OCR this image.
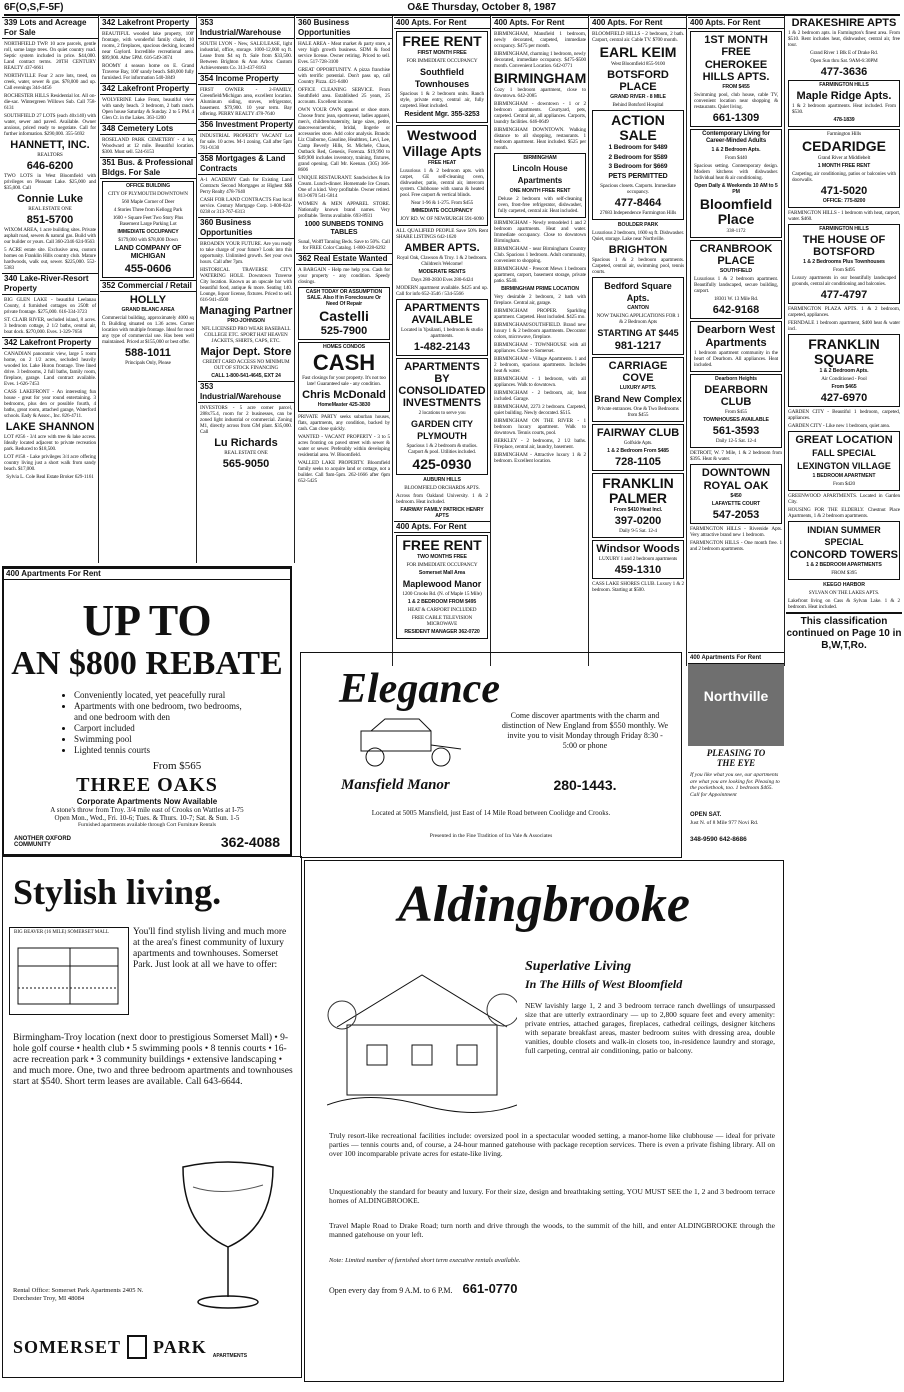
6F(O,S,F-5F)	O&E Thursday, October 8, 1987
339 Lots and Acreage For Sale
NORTHFIELD TWP. 10 acre parcels, gentle roll, some large trees. On quiet country road. Septic system included in price. $44,000. Land contract terms. 20TH CENTURY REALTY 437-6661
NORTHVILLE Four 2 acre lots, treed, on creek, water, sewer & gas. $78,000 and up. Call evenings 344-4456
ROCHESTER HILLS Residential lot. All on-die-sac. Wintergreen Willows Sub. Call 758-6131
SOUTHFIELD 27 LOTS (each 40x140) with water, sewer and paved. Available. Owner anxious, priced ready to negotiate. Call for further information. $290,000. 355-5692
HANNETT, INC.
REALTORS
646-6200
TWO LOTS in West Bloomfield with privileges on Pleasant Lake. $25,000 and $35,000. Call
Connie Luke
REAL ESTATE ONE
851-5700
WIXOM AREA, 1 acre building sites. Private asphalt road, sewers & natural gas. Build with our builder or yours. Call 360-2346 624-9563
5 ACRE estate site. Exclusive area, custom homes on Franklin Hills country club. Mature hardwoods, walk out, sewer. $225,000. 552-5383
340 Lake-River-Resort Property
BIG GLEN LAKE - beautiful Leelanau County, 4 furnished cottages on 250ft of private frontage. $275,000. 616-334-3723
ST. CLAIR RIVER, secluded island, 8 acres. 3 bedroom cottage, 2 1/2 baths, central air, boat dock. $270,000. Eves. 1-329-7656
342 Lakefront Property
CANADIAN panoramic view, large 5 room home, on 2 1/2 acres, secluded heavily wooded lot. Lake Huron frontage. Tree lined drive. 3 bedrooms, 2 full baths, family room, fireplace, garage. Land contract available. Eves. 1-626-7453
CASS LAKEFRONT - An interesting fun house - great for year round entertaining. 3 bedrooms, plus den or possible fourth, 4 baths, great room, attached garage, Waterford schools. Eady & Assoc., Inc. 826-4711.
LAKE SHANNON
LOT #256 - 3/4 acre with tree & lake access. Ideally located adjacent to private recreation park. Reduced to $18,500.
LOT #158 - Lake privileges 3/4 acre offering country living just a short walk from sandy beach. $17,000.
Sylvia L. Cole Real Estate Broker 629-1161
342 Lakefront Property
BEAUTIFUL wooded lake property, 100' frontage, with wonderful family chalet, 10 rooms, 2 fireplaces, spacious decking, located near Gaylord. Incredible recreational area. $99,900. After 5PM. 616-549-3674
ROOMY 4 season home on E. Grand Traverse Bay, 100' sandy beach. $48,000 fully furnished. For information 540-3849
342 Lakefront Property
WOLVERINE Lake Front, beautiful view with sandy beach. 3 bedroom, 2 bath ranch. Open house Saturday & Sunday. 2 to 5 PM. 4 Glen Ct. in the Lakes. 363-1200
348 Cemetery Lots
ROSELAND PARK CEMETERY - 4 lot, Woodward at 12 mile. Beautiful location. $300. Must sell. 524-6153
351 Bus. & Professional Bldgs. For Sale
OFFICE BUILDING
CITY OF PLYMOUTH DOWNTOWN
560 Maple Corner of Deer
4 Stories Three from Kellogg Park
1600 + Square Feet Two Story Plus Basement Large Parking Lot
IMMEDIATE OCCUPANCY
$179,000 with $78,000 Down
LAND COMPANY OF MICHIGAN
455-0606
352 Commercial / Retail
HOLLY
GRAND BLANC AREA
Commercial building, approximately 4000 sq ft. Building situated on 1.36 acres. Corner location with multiple frontage. Ideal for most any type of commercial use. Has been well maintained. Priced at $155,000 or best offer.
588-1011
Principals Only, Please
353 Industrial/Warehouse
SOUTH LYON - New, SALE/LEASE, light industrial, office, storage. 1000-12,000 sq ft. Lease from $4 sq ft. Sale from $33,500. Between Brighton & Ann Arbor. Custom Achievements Co. 313-437-8163
354 Income Property
FIRST OWNER - 2-FAMILY, Greenfield/Michigan area, excellent location. Aluminum siding, stoves, refrigerator, basement. $79,900. 10 year term. Bay offering. PERRY REALTY 478-7640
356 Investment Property
INDUSTRIAL PROPERTY VACANT Lot for sale. 10 acres. M-1 zoning. Call after 5pm 761-0130
358 Mortgages & Land Contracts
A-1 ACADEMY Cash for Existing Land Contracts Second Mortgages at Highest $$$ Perry Realty 478-7640
CASH FOR LAND CONTRACTS Fast local service. Century Mortgage Corp. 1-800-824-0238 or 313-767-6313
360 Business Opportunities
BROADEN YOUR FUTURE. Are you ready to take charge of your future? Look into this opportunity. Unlimited growth. Set your own hours. Call after 7pm.
HISTORICAL TRAVERSE CITY WATERING HOLE. Downtown Traverse City location. Known as an upscale bar with beautiful food, antique & more. Seating 140. Lounge, liquor license, fixtures. Priced to sell. 616-941-4500
Managing Partner
PRO-JOHNSON
NFL LICENSED PRO WEAR BASEBALL COLLEGE ETC. SPORT HAT HEAVEN JACKETS, SHIRTS, CAPS, ETC.
Major Dept. Store
CREDIT CARD ACCESS NO MINIMUM OUT OF STOCK FINANCING
CALL 1-800-541-4645, EXT 24
353 Industrial/Warehouse
INVESTORS - 5 acre corner parcel, 288x75.4, room for 2 businesses, can be zoned light industrial or commercial. Zoning M1, directly across from GM plant. $35,000. Call
Lu Richards
REAL ESTATE ONE
565-9050
360 Business Opportunities
HALE AREA - Meat market & party store, a very high growth business. SDM & food service license. Owner retiring. Priced to sell. Eves. 517-728-3100
GREAT OPPORTUNITY. A pizza franchise with terrific potential. Don't pass up, call Country Pizza. 421-6400
OFFICE CLEANING SERVICE. From Southfield area. Established 25 years, 25 accounts. Excellent income.
OWN YOUR OWN apparel or shoe store. Choose from: jean, sportswear, ladies apparel, men's, children/maternity, large sizes, petite, dancewear/aerobic, bridal, lingerie or accessories store. Add color analysis. Brands: Liz Claiborne, Gasoline, Healthtex, Levi, Lee, Camp Beverly Hills, St. Michele, Chaus, Outback Red, Genesis, Forenza. $19,990 to $49,900 includes inventory, training, fixtures, grand opening. Call Mr. Keenan. (305) 366-8606
UNIQUE RESTAURANT. Sandwiches & Ice Cream. Lunch-dinner. Homemade Ice Cream. One of a kind. Very profitable. Owner retired. 813-0670 541-5814
WOMEN & MEN APPAREL STORE. Nationally known brand names. Very profitable. Terms available. 693-8931
1000 SUNBEDS TONING TABLES
Sunal, Wolff Tanning Beds. Save to 50%. Call for FREE Color Catalog. 1-800-228-6292
362 Real Estate Wanted
A BARGAIN - Help me help you. Cash for your property - any condition. Speedy closings.
CASH TODAY OR ASSUMPTION SALE. Also If in Foreclosure Or Need Of Repair
Castelli
525-7900
HOMES CONDOS
CASH
Fast closings for your property. It's not too late! Guaranteed sale - any condition.
Chris McDonald
HomeMaster 425-3830
PRIVATE PARTY seeks suburban houses, flats, apartments, any condition, backed by cash. Can close quickly.
WANTED - VACANT PROPERTY - 3 to 5 acres fronting on paved street with sewer & water or sewer. Preferably within developing residential area. W. Bloomfield.
WALLED LAKE PROPERTY. Bloomfield family seeks to acquire land or cottage, not a builder. Call 9am-5pm. 262-1666 after 6pm 652-5425
400 Apts. For Rent
FREE RENT
FIRST MONTH FREE
FOR IMMEDIATE OCCUPANCY
Southfield Townhouses
Spacious 1 & 2 bedroom units. Ranch style, private entry, central air, fully carpeted. Heat included.
Resident Mgr. 355-3253
Westwood
Village Apts
FREE HEAT
Luxurious 1 & 2 bedroom apts. with carpet, GE self-cleaning oven, dishwasher, patio, central air, intercom system. Clubhouse with sauna & heated pool. Free carport & vertical blinds.
Near 1-96 & 1-275. From $455
IMMEDIATE OCCUPANCY
JOY RD. W. OF NEWBURGH 591-6090
ALL QUALIFIED PEOPLE Save 50% Rent SHARE LISTINGS 642-1620
AMBER APTS.
Royal Oak, Clawson & Troy. 1 & 2 bedroom. Children's Welcome!
MODERATE RENTS
Days 280-2830 Eves 280-6424
MODERN apartment available. $425 and up. Call for info 652-3546 / 534-5566
APARTMENTS AVAILABLE
Located in Ypsilanti, 1 bedroom & studio apartments.
1-482-2143
APARTMENTS BY CONSOLIDATED INVESTMENTS
2 locations to serve you
GARDEN CITY PLYMOUTH
Spacious 1 & 2 bedroom & studios. Carport & pool. Utilities included.
425-0930
AUBURN HILLS
BLOOMFIELD ORCHARDS APTS.
Across from Oakland University. 1 & 2 bedroom. Heat included.
FAIRWAY FAMILY PATRICK HENRY APTS
400 Apts. For Rent
FREE RENT
TWO MONTHS FREE
FOR IMMEDIATE OCCUPANCY
Somerset Mall Area
Maplewood Manor
1200 Crooks Rd. (N. of Maple 15 Mile)
1 & 2 BEDROOM FROM $495
HEAT & CARPORT INCLUDED
FREE CABLE TELEVISION MICROWAVE
RESIDENT MANAGER 362-0720
400 Apts. For Rent
BIRMINGHAM, Mansfield 1 bedroom, newly decorated, carpeted, immediate occupancy. $475 per month.
BIRMINGHAM, charming 1 bedroom, newly decorated, immediate occupancy. $475-$500 month. Convenient Location. 642-0771
BIRMINGHAM
Cozy 1 bedroom apartment, close to downtown. 642-2085
BIRMINGHAM - downtown - 1 or 2 bedroom apartments. Courtyard, pets, carpeted. Central air, all appliances. Carports, laundry facilities. 646-0649
BIRMINGHAM DOWNTOWN. Walking distance to all shopping, restaurants. 1 bedroom apartment. Heat included. $525 per month.
BIRMINGHAM
Lincoln House Apartments
ONE MONTH FREE RENT
Deluxe 2 bedroom with self-cleaning oven, frost-free refrigerator, dishwasher, fully carpeted, central air. Heat included.
BIRMINGHAM - Newly remodeled 1 and 2 bedroom apartments. Heat and water. Immediate occupancy. Close to downtown Birmingham.
BIRMINGHAM - near Birmingham Country Club. Spacious 1 bedroom. Adult community, convenient to shopping.
BIRMINGHAM - Prescott Mews 1 bedroom apartment, carport, basement storage, private patio. $540.
BIRMINGHAM PRIME LOCATION
Very desirable 2 bedroom, 2 bath with fireplace. Central air, garage.
BIRMINGHAM PROPER. Sparkling apartment. Carpeted. Heat included. $425 mo.
BIRMINGHAM/SOUTHFIELD. Brand new luxury 1 & 2 bedroom apartments. Decorator colors, microwave, fireplace.
BIRMINGHAM - TOWNHOUSE with all appliances. Close to Somerset.
BIRMINGHAM - Village Apartments. 1 and 2 bedroom, spacious apartments. Includes heat & water.
BIRMINGHAM - 1 bedroom, with all appliances. Walk to downtown.
BIRMINGHAM - 2 bedroom, air, heat included. Garage.
BIRMINGHAM, 2273 2 bedroom. Carpeted, quiet building. Newly decorated. $515.
BIRMINGHAM ON THE RIVER - 1 bedroom luxury apartment. Walk to downtown. Tennis courts, pool.
BERKLEY - 2 bedrooms, 2 1/2 baths. Fireplace, central air, laundry, basement.
BIRMINGHAM - Attractive luxury 1 & 2 bedroom. Excellent location.
400 Apts. For Rent
BLOOMFIELD HILLS - 2 bedroom, 2 bath. Carport, central air. Cable TV. $700 month.
EARL KEIM
West Bloomfield 855-9100
BOTSFORD PLACE
GRAND RIVER - 8 MILE
Behind Botsford Hospital
ACTION SALE
1 Bedroom for $489
2 Bedroom for $589
3 Bedroom for $669
PETS PERMITTED
Spacious closets. Carports. Immediate occupancy.
477-8464
27683 Independence Farmington Hills
BOULDER PARK
Luxurious 2 bedroom, 1600 sq ft. Dishwasher. Quiet, storage. Lake near Northville.
BRIGHTON
Spacious 1 & 2 bedroom apartments. Carpeted, central air, swimming pool, tennis courts.
Bedford Square Apts.
CANTON
NOW TAKING APPLICATIONS FOR 1 & 2 Bedroom Apts
STARTING AT $445
981-1217
CARRIAGE COVE
LUXURY APTS.
Brand New Complex
Private entrances. One & Two Bedrooms from $455
FAIRWAY CLUB
Golfside Apts.
1 & 2 Bedroom From $485
728-1105
FRANKLIN PALMER
From $410 Heat Incl.
397-0200
Daily 9-5 Sat. 12-4
Windsor Woods
LUXURY 1 and 2 bedroom apartments
459-1310
CASS LAKE SHORES CLUB. Luxury 1 & 2 bedroom. Starting at $500.
400 Apts. For Rent
1ST MONTH FREE
CHEROKEE HILLS APTS.
FROM $455
Swimming pool, club house, cable TV, convenient location near shopping & restaurants. Quiet living.
661-1309
Contemporary Living for Career-Minded Adults
1 & 2 Bedroom Apts.
From $440
Spacious setting. Contemporary design. Modern kitchens with dishwasher. Individual heat & air conditioning.
Open Daily & Weekends 10 AM to 5 PM
Bloomfield Place
338-1172
CRANBROOK PLACE
SOUTHFIELD
Luxurious 1 & 2 bedroom apartment. Beautifully landscaped, secure building, carport.
18301 W. 13 Mile Rd.
642-9168
Dearborn West
Apartments
1 bedroom apartment community in the heart of Dearborn. All appliances. Heat included.
Dearborn Heights
DEARBORN CLUB
From $455
TOWNHOUSES AVAILABLE
561-3593
Daily 12-5 Sat. 12-4
DETROIT, W. 7 Mile, 1 & 2 bedroom from $395. Heat & water.
DOWNTOWN
ROYAL OAK
$450
LAFAYETTE COURT
547-2053
FARMINGTON HILLS - Riverside Apts. Very attractive brand new 1 bedroom.
FARMINGTON HILLS - One month free. 1 and 2 bedroom apartments.
DRAKESHIRE APTS
1 & 2 bedroom apts. in Farmington's finest area. From $510. Rent includes heat, dishwasher, central air, free tour.
Grand River 1 Blk E of Drake Rd.
Open Sun thru Sat. 9AM-6:30PM
477-3636
FARMINGTON HILLS
Maple Ridge Apts.
1 & 2 bedroom apartments. Heat included. From $530.
478-1839
Farmington Hills
CEDARIDGE
Grand River at Middlebelt
1 MONTH FREE RENT
Carpeting, air conditioning, patios or balconies with doorwalls.
471-5020
OFFICE: 775-8200
FARMINGTON HILLS - 1 bedroom with heat, carport, water. $460.
FARMINGTON HILLS
THE HOUSE OF BOTSFORD
1 & 2 Bedrooms Plus Townhouses
From $495
Luxury apartments in our beautifully landscaped grounds, central air conditioning and balconies.
477-4797
FARMINGTON PLAZA APTS. 1 & 2 bedroom, carpeted, appliances.
FERNDALE 1 bedroom apartment, $400 heat & water incl.
FRANKLIN SQUARE
1 & 2 Bedroom Apts.
Air Conditioned - Pool
From $465
427-6970
GARDEN CITY - Beautiful 1 bedroom, carpeted, appliances.
GARDEN CITY - Like new 1 bedroom, quiet area.
GREAT LOCATION
FALL SPECIAL
LEXINGTON VILLAGE
1 BEDROOM APARTMENT
From $420
GREENWOOD APARTMENTS. Located in Garden City.
HOUSING FOR THE ELDERLY. Chestnut Place Apartments, 1 & 2 bedroom apartments.
INDIAN SUMMER SPECIAL
CONCORD TOWERS
1 & 2 BEDROOM APARTMENTS
FROM $395
KEEGO HARBOR
SYLVAN ON THE LAKES APTS.
Lakefront living on Cass & Sylvan Lake. 1 & 2 bedroom. Heat included.
This classification continued on Page 10 in B,W,T,Ro.
400 Apartments For Rent
UP TO
AN $800 REBATE
• Conveniently located, yet peacefully rural
• Apartments with one bedroom, two bedrooms, and one bedroom with den
• Carport included
• Swimming pool
• Lighted tennis courts
From $565
THREE OAKS
Corporate Apartments Now Available
A stone's throw from Troy. 3/4 mile east of Crooks on Wattles at I-75
Open Mon., Wed., Fri. 10-6; Tues. & Thurs. 10-7; Sat. & Sun. 1-5
Furnished apartments available through Cort Furniture Rentals
ANOTHER OXFORD COMMUNITY	362-4088
Stylish living.
BIG BEAVER (16 MILE) SOMERSET MALL	You'll find stylish living and much more at the area's finest community of luxury apartments and townhouses. Somerset Park. Just look at all we have to offer:
Birmingham-Troy location (next door to prestigious Somerset Mall) • 9-hole golf course • health club • 5 swimming pools • 8 tennis courts • 16-acre recreation park • 3 community buildings • extensive landscaping • and much more. One, two and three bedroom apartments and townhouses start at $540. Short term leases are available. Call 643-6644.
Rental Office: Somerset Park Apartments 2405 N. Dorchester Troy, MI 48084
SOMERSET PARK APARTMENTS
Elegance
Come discover apartments with the charm and distinction of New England from $550 monthly. We invite you to visit Monday through Friday 8:30 - 5:00 or phone
280-1443.
Mansfield Manor
Located at 5005 Mansfield, just East of 14 Mile Road between Coolidge and Crooks.
Presented in the Fine Tradition of Ira Vale & Associates
400 Apartments For Rent
Northville
PLEASING TO
THE EYE
If you like what you see, our apartments are what you are looking for. Pleasing to the pocketbook, too. 1 bedroom $465. Call for Appointment
OPEN SAT.
Just N. of 8 Mile 977 Novi Rd.
348-9590 642-8686
Aldingbrooke
Superlative Living
In The Hills of West Bloomfield
NEW lavishly large 1, 2 and 3 bedroom terrace ranch dwellings of unsurpassed size that are utterly extraordinary — up to 2,800 square feet and every amenity: private entries, attached garages, fireplaces, cathedral ceilings, designer kitchens with separate breakfast areas, master bedroom suites with dressing area, double vanities, double closets and walk-in closets too, in-residence laundry and storage, full carpeting, central air conditioning, patio or balcony.
Truly resort-like recreational facilities include: oversized pool in a spectacular wooded setting, a manor-home like clubhouse — ideal for private parties — tennis courts and, of course, a 24-hour manned gatehouse with package reception services. There is even a private fishing library. All on over 100 incomparable private acres for estate-like living.
Unquestionably the standard for beauty and luxury. For their size, design and breathtaking setting, YOU MUST SEE the 1, 2 and 3 bedroom terrace homes of ALDINGBROOKE.
Travel Maple Road to Drake Road; turn north and drive through the woods, to the summit of the hill, and enter ALDINGBROOKE through the manned gatehouse on your left.
Note: Limited number of furnished short term executive rentals available.
Open every day from 9 A.M. to 6 P.M. 661-0770
